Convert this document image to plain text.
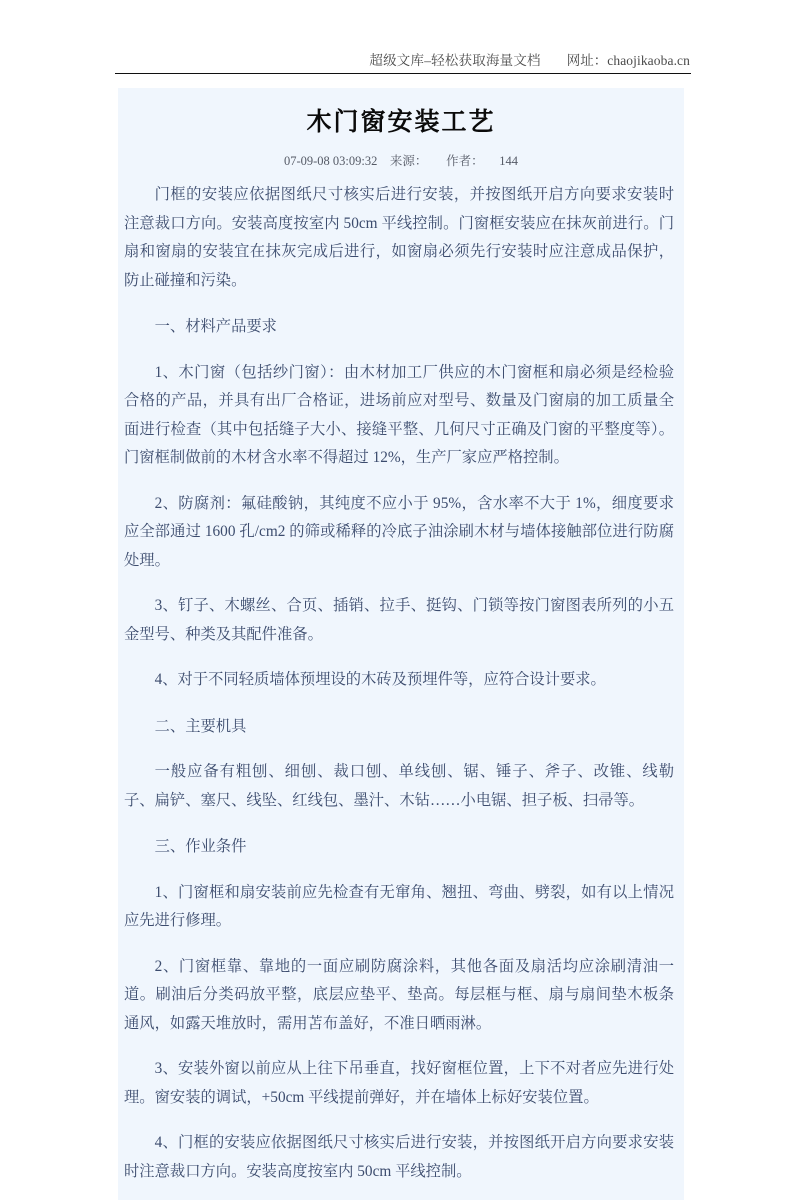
超级文库–轻松获取海量文档 网址：chaojikaoba.cn
木门窗安装工艺
07-09-08 03:09:32    来源：      作者：     144

门框的安装应依据图纸尺寸核实后进行安装，并按图纸开启方向要求安装时注意裁口方向。安装高度按室内 50cm 平线控制。门窗框安装应在抹灰前进行。门扇和窗扇的安装宜在抹灰完成后进行，如窗扇必须先行安装时应注意成品保护，防止碰撞和污染。

一、材料产品要求

1、木门窗（包括纱门窗）：由木材加工厂供应的木门窗框和扇必须是经检验合格的产品，并具有出厂合格证，进场前应对型号、数量及门窗扇的加工质量全面进行检查（其中包括缝子大小、接缝平整、几何尺寸正确及门窗的平整度等）。门窗框制做前的木材含水率不得超过 12%，生产厂家应严格控制。

2、防腐剂：氟硅酸钠，其纯度不应小于 95%，含水率不大于 1%，细度要求应全部通过 1600 孔/cm2 的筛或稀释的冷底子油涂刷木材与墙体接触部位进行防腐处理。

3、钉子、木螺丝、合页、插销、拉手、挺钩、门锁等按门窗图表所列的小五金型号、种类及其配件准备。

4、对于不同轻质墙体预埋设的木砖及预埋件等，应符合设计要求。

二、主要机具

一般应备有粗刨、细刨、裁口刨、单线刨、锯、锤子、斧子、改锥、线勒子、扁铲、塞尺、线坠、红线包、墨汁、木钻……小电锯、担子板、扫帚等。

三、作业条件

1、门窗框和扇安装前应先检查有无窜角、翘扭、弯曲、劈裂，如有以上情况应先进行修理。

2、门窗框靠、靠地的一面应刷防腐涂料，其他各面及扇活均应涂刷清油一道。刷油后分类码放平整，底层应垫平、垫高。每层框与框、扇与扇间垫木板条通风，如露天堆放时，需用苫布盖好，不准日晒雨淋。

3、安装外窗以前应从上往下吊垂直，找好窗框位置，上下不对者应先进行处理。窗安装的调试，+50cm 平线提前弹好，并在墙体上标好安装位置。

4、门框的安装应依据图纸尺寸核实后进行安装，并按图纸开启方向要求安装时注意裁口方向。安装高度按室内 50cm 平线控制。
